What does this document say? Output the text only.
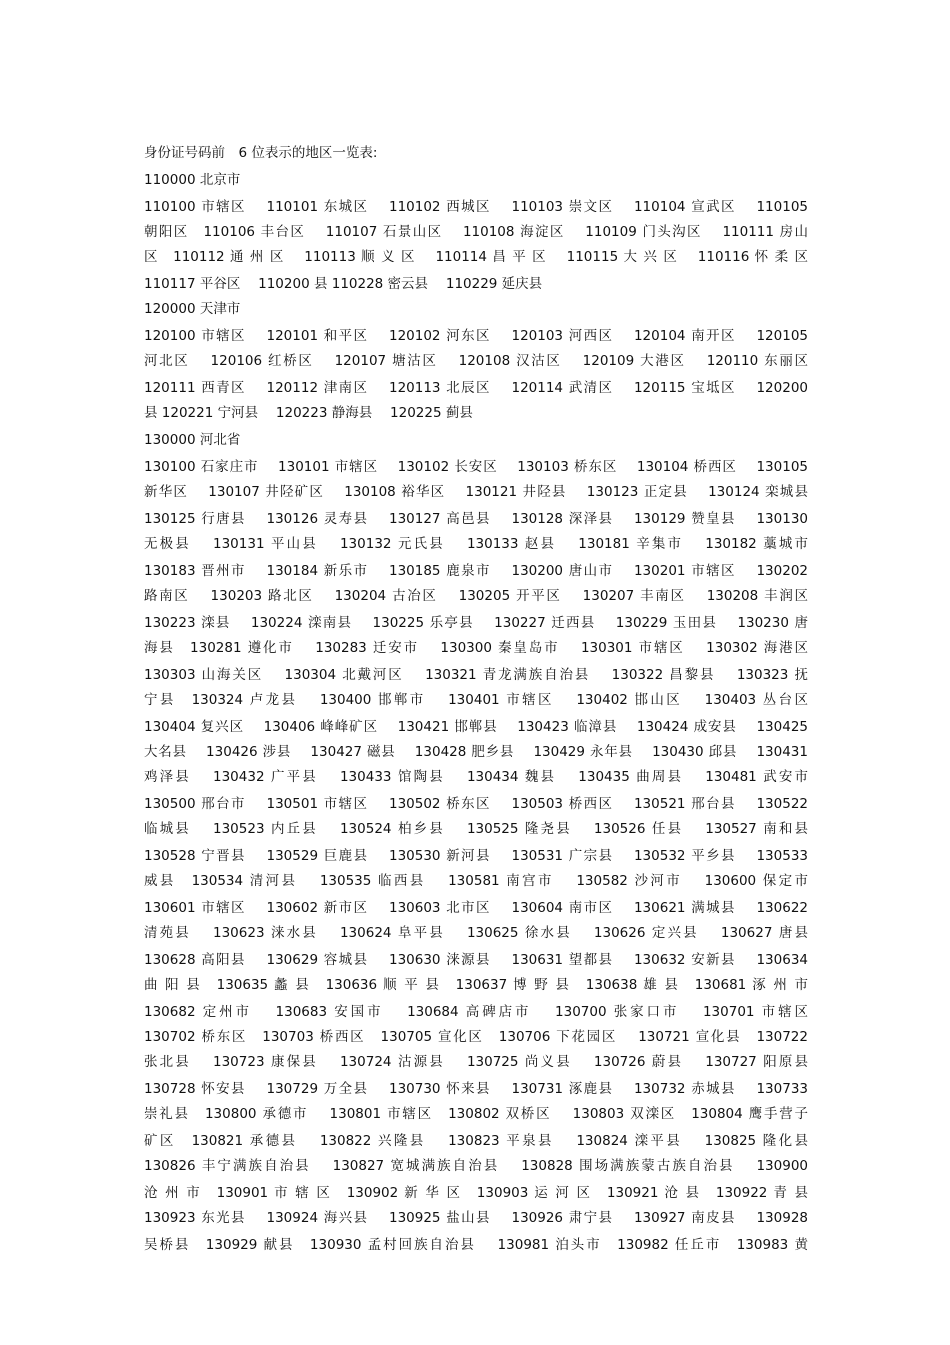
身份证号码前　6 位表示的地区一览表:
110000 北京市
110100 市辖区　 110101 东城区　 110102 西城区　 110103 崇文区　 110104 宣武区　 110105
朝阳区　110106 丰台区　 110107 石景山区　 110108 海淀区　 110109 门头沟区　 110111 房山
区　110112 通 州 区　 110113 顺 义 区　 110114 昌 平 区　 110115 大 兴 区　 110116 怀 柔 区
110117 平谷区　 110200 县 110228 密云县　 110229 延庆县
120000 天津市
120100 市辖区　 120101 和平区　 120102 河东区　 120103 河西区　 120104 南开区　 120105
河北区　 120106 红桥区　 120107 塘沽区　 120108 汉沽区　 120109 大港区　 120110 东丽区
120111 西青区　 120112 津南区　 120113 北辰区　 120114 武清区　 120115 宝坻区　 120200
县 120221 宁河县　 120223 静海县　 120225 蓟县
130000 河北省
130100 石家庄市　 130101 市辖区　 130102 长安区　 130103 桥东区　 130104 桥西区　 130105
新华区　 130107 井陉矿区　 130108 裕华区　 130121 井陉县　 130123 正定县　 130124 栾城县
130125 行唐县　 130126 灵寿县　 130127 高邑县　 130128 深泽县　 130129 赞皇县　 130130
无极县　 130131 平山县　 130132 元氏县　 130133 赵县　 130181 辛集市　 130182 藁城市
130183 晋州市　 130184 新乐市　 130185 鹿泉市　 130200 唐山市　 130201 市辖区　 130202
路南区　 130203 路北区　 130204 古冶区　 130205 开平区　 130207 丰南区　 130208 丰润区
130223 滦县　 130224 滦南县　 130225 乐亭县　 130227 迁西县　 130229 玉田县　 130230 唐
海县　130281 遵化市　 130283 迁安市　 130300 秦皇岛市　 130301 市辖区　 130302 海港区
130303 山海关区　 130304 北戴河区　 130321 青龙满族自治县　 130322 昌黎县　 130323 抚
宁县　130324 卢龙县　 130400 邯郸市　 130401 市辖区　 130402 邯山区　 130403 丛台区
130404 复兴区　 130406 峰峰矿区　 130421 邯郸县　 130423 临漳县　 130424 成安县　 130425
大名县　 130426 涉县　 130427 磁县　 130428 肥乡县　 130429 永年县　 130430 邱县　 130431
鸡泽县　 130432 广平县　 130433 馆陶县　 130434 魏县　 130435 曲周县　 130481 武安市
130500 邢台市　 130501 市辖区　 130502 桥东区　 130503 桥西区　 130521 邢台县　 130522
临城县　 130523 内丘县　 130524 柏乡县　 130525 隆尧县　 130526 任县　 130527 南和县
130528 宁晋县　 130529 巨鹿县　 130530 新河县　 130531 广宗县　 130532 平乡县　 130533
威县　130534 清河县　 130535 临西县　 130581 南宫市　 130582 沙河市　 130600 保定市
130601 市辖区　 130602 新市区　 130603 北市区　 130604 南市区　 130621 满城县　 130622
清苑县　 130623 涞水县　 130624 阜平县　 130625 徐水县　 130626 定兴县　 130627 唐县
130628 高阳县　 130629 容城县　 130630 涞源县　 130631 望都县　 130632 安新县　 130634
曲 阳 县　130635 蠡 县　130636 顺 平 县　130637 博 野 县　130638 雄 县　130681 涿 州 市
130682 定州市　 130683 安国市　 130684 高碑店市　 130700 张家口市　 130701 市辖区
130702 桥东区　130703 桥西区　130705 宣化区　130706 下花园区　 130721 宣化县　130722
张北县　 130723 康保县　 130724 沽源县　 130725 尚义县　 130726 蔚县　 130727 阳原县
130728 怀安县　 130729 万全县　 130730 怀来县　 130731 涿鹿县　 130732 赤城县　 130733
崇礼县　130800 承德市　 130801 市辖区　130802 双桥区　 130803 双滦区　130804 鹰手营子
矿区　130821 承德县　 130822 兴隆县　 130823 平泉县　 130824 滦平县　 130825 隆化县
130826 丰宁满族自治县　 130827 宽城满族自治县　 130828 围场满族蒙古族自治县　 130900
沧 州 市　130901 市 辖 区　130902 新 华 区　130903 运 河 区　130921 沧 县　130922 青 县
130923 东光县　 130924 海兴县　 130925 盐山县　 130926 肃宁县　 130927 南皮县　 130928
吴桥县　130929 献县　130930 孟村回族自治县　 130981 泊头市　130982 任丘市　130983 黄
